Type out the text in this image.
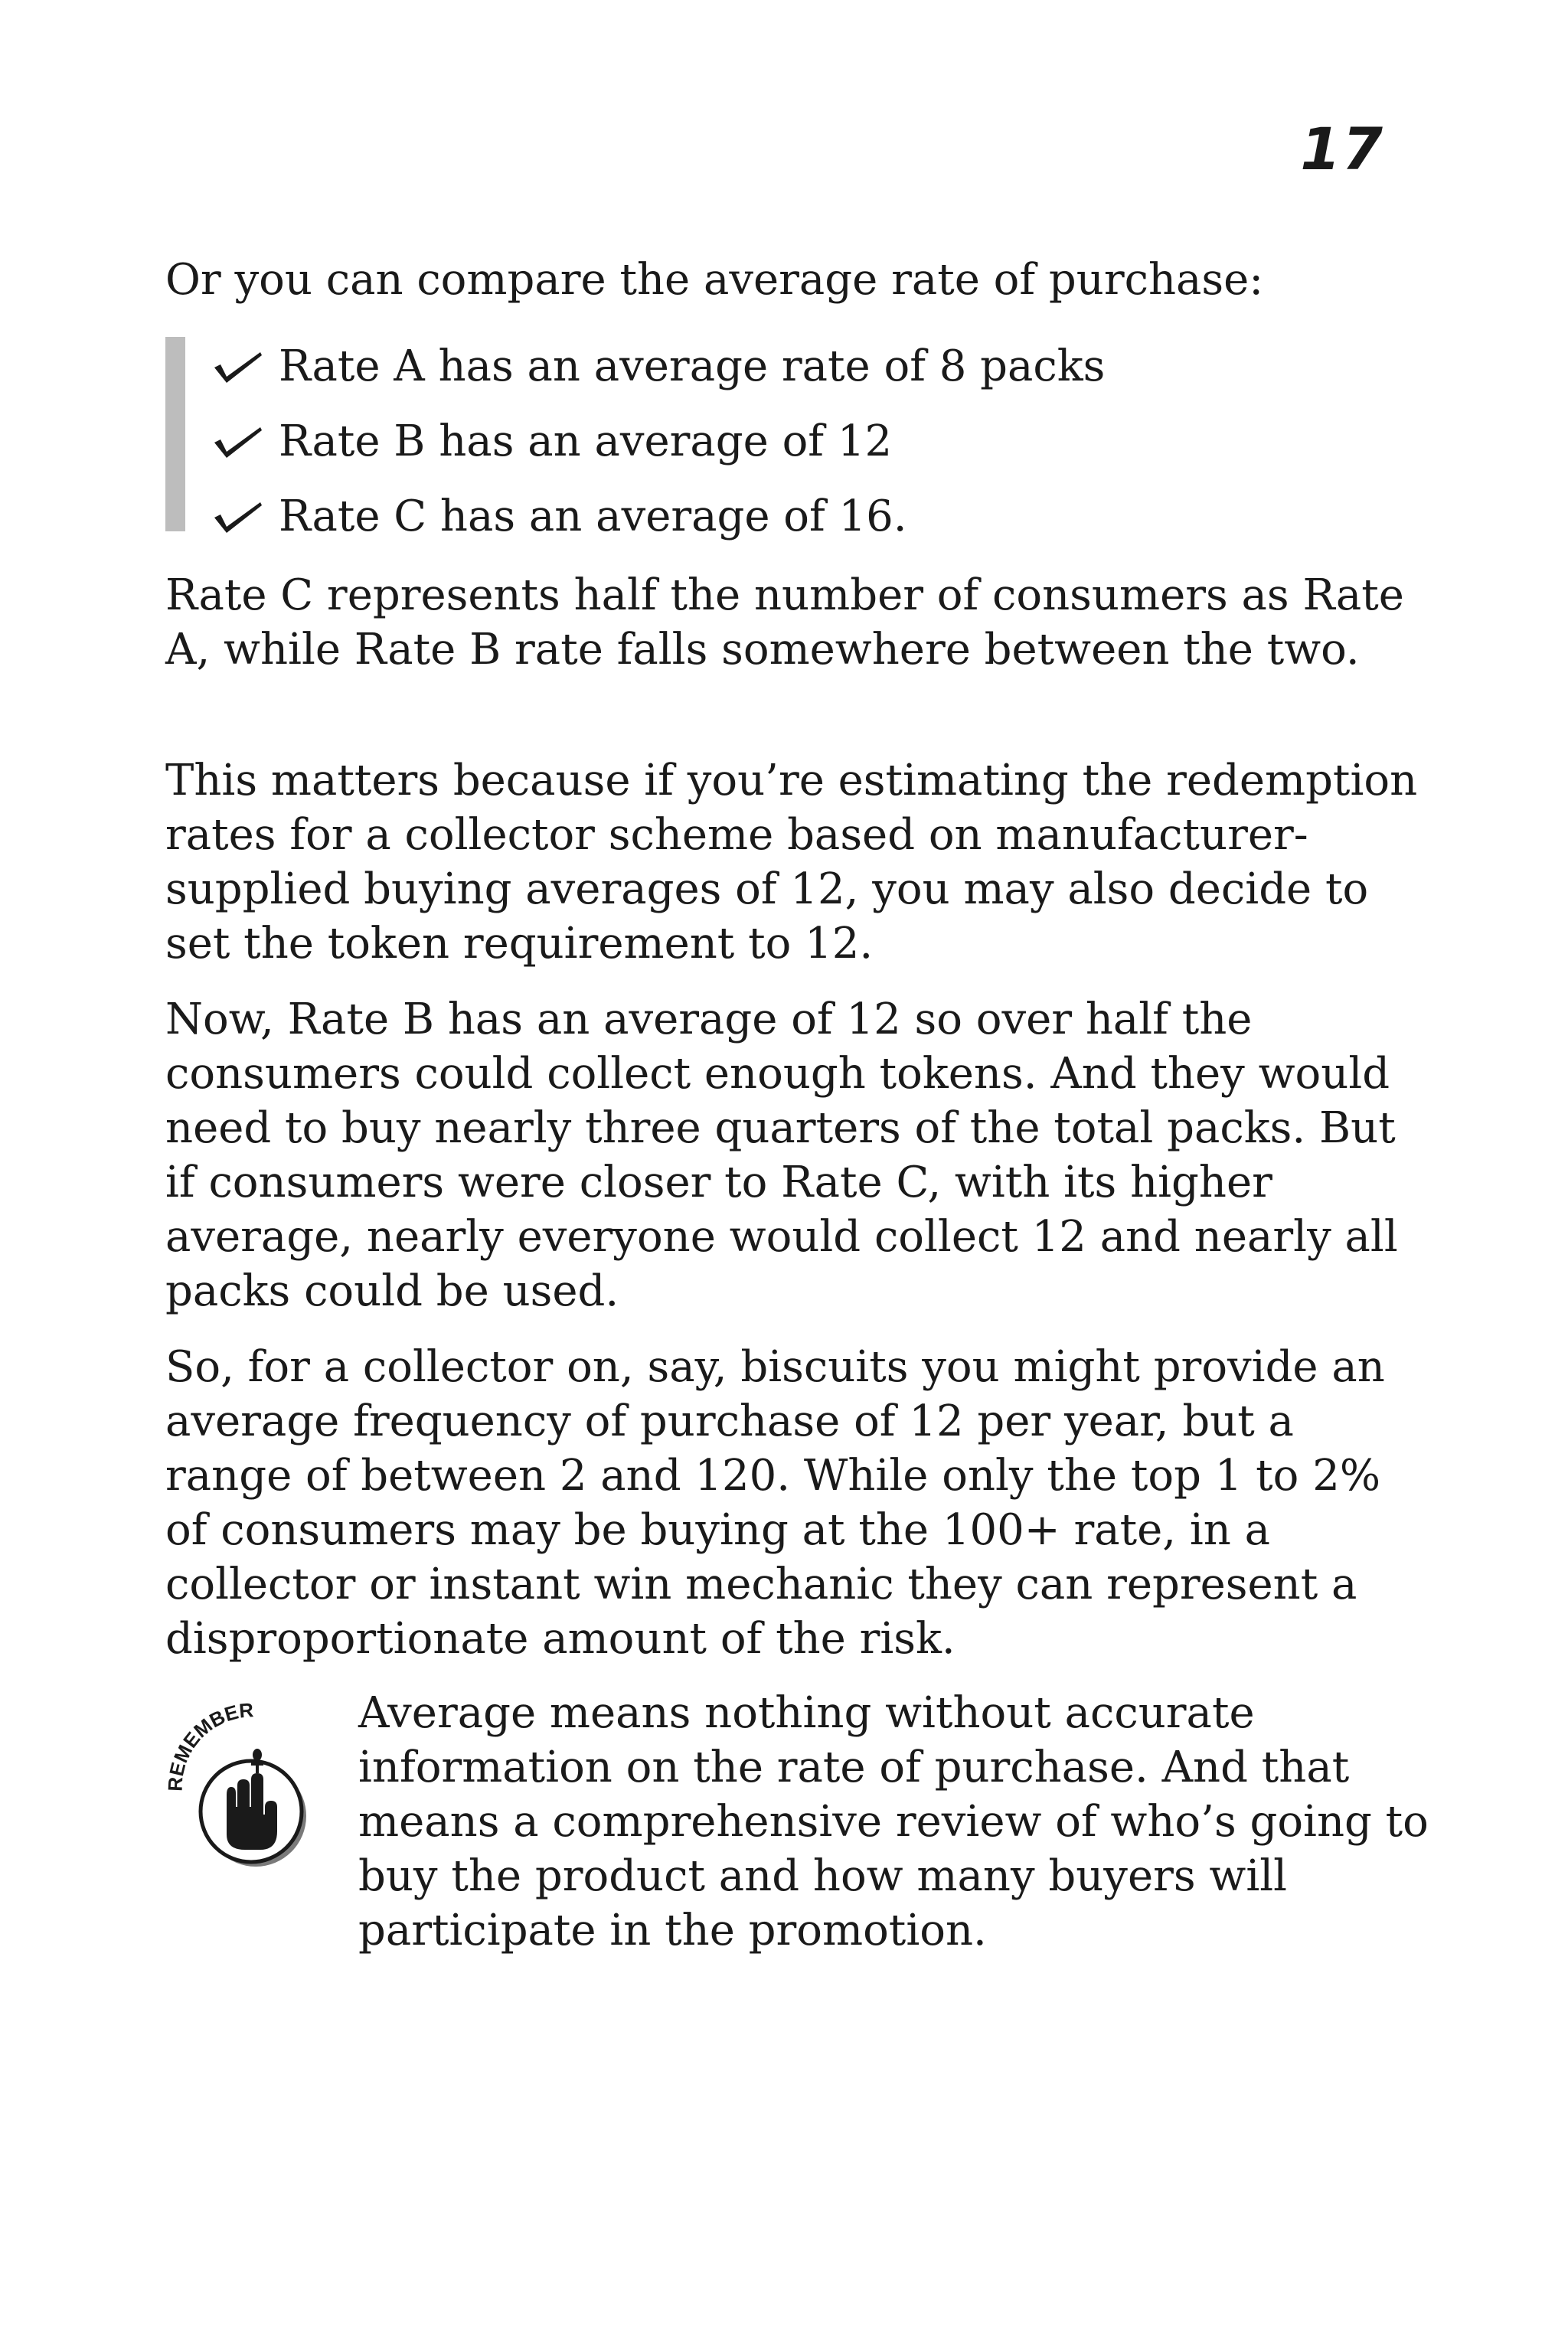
17

Or you can compare the average rate of purchase:

Rate A has an average rate of 8 packs
Rate B has an average of 12
Rate C has an average of 16.

Rate C represents half the number of consumers as Rate A, while Rate B rate falls somewhere between the two.

This matters because if you’re estimating the redemption rates for a collector scheme based on manufacturer-supplied buying averages of 12, you may also decide to set the token requirement to 12.

Now, Rate B has an average of 12 so over half the consumers could collect enough tokens. And they would need to buy nearly three quarters of the total packs. But if consumers were closer to Rate C, with its higher average, nearly everyone would collect 12 and nearly all packs could be used.

So, for a collector on, say, biscuits you might provide an average frequency of purchase of 12 per year, but a range of between 2 and 120. While only the top 1 to 2% of consumers may be buying at the 100+ rate, in a collector or instant win mechanic they can represent a disproportionate amount of the risk.

REMEMBER Average means nothing without accurate information on the rate of purchase. And that means a comprehensive review of who’s going to buy the product and how many buyers will participate in the promotion.
